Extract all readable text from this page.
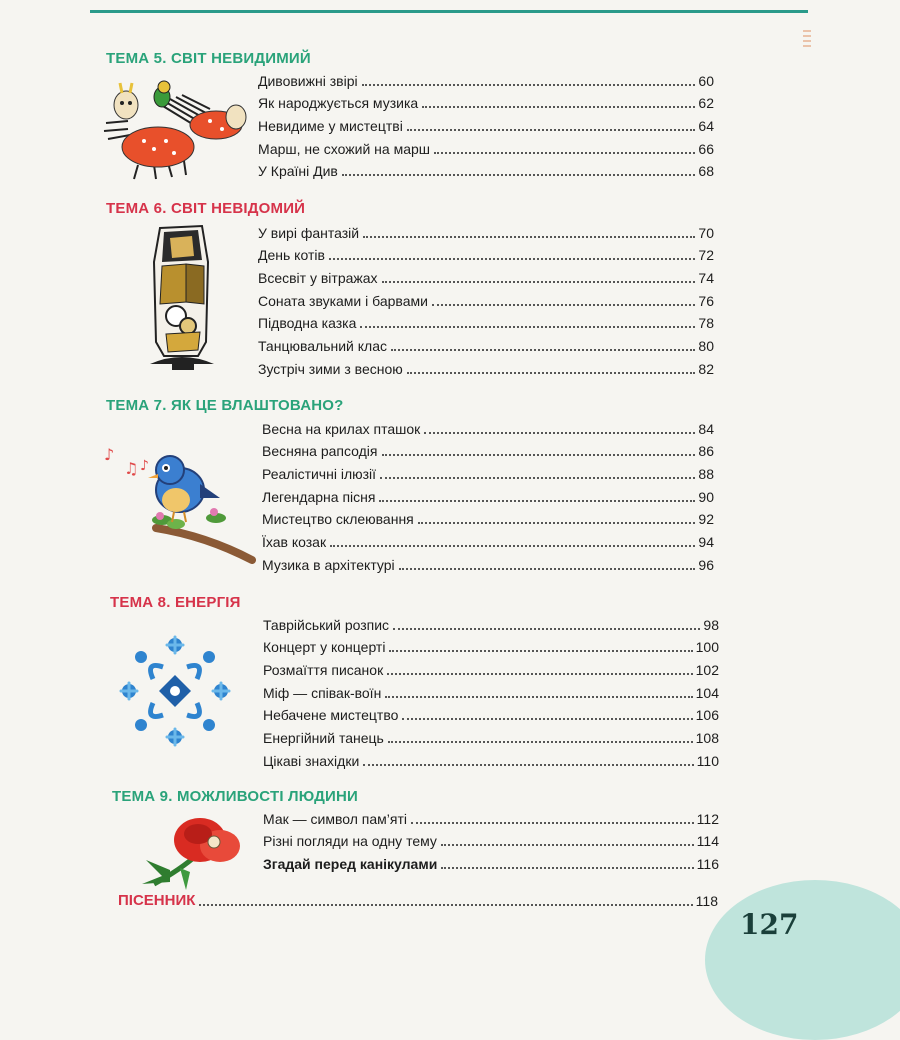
ТЕМА 5. СВІТ НЕВИДИМИЙ
Дивовижні звірі	60
Як народжується музика	62
Невидиме у мистецтві	64
Марш, не схожий на марш	66
У Країні Див	68
ТЕМА 6. СВІТ НЕВІДОМИЙ
У вирі фантазій	70
День котів	72
Всесвіт у вітражах	74
Соната звуками і барвами	76
Підводна казка	78
Танцювальний клас	80
Зустріч зими з весною	82
ТЕМА 7. ЯК ЦЕ ВЛАШТОВАНО?
♪
♫ ♪
Весна на крилах пташок	84
Весняна рапсодія	86
Реалістичні ілюзії	88
Легендарна пісня	90
Мистецтво склеювання	92
Їхав козак	94
Музика в архітектурі	96
ТЕМА 8. ЕНЕРГІЯ
Таврійський розпис	98
Концерт у концерті	100
Розмаїття писанок	102
Міф — співак-воїн	104
Небачене мистецтво	106
Енергійний танець	108
Цікаві знахідки	110
ТЕМА 9. МОЖЛИВОСТІ ЛЮДИНИ
Мак — символ пам’яті	112
Різні погляди на одну тему	114
Згадай перед канікулами	116
ПІСЕННИК	118
127
